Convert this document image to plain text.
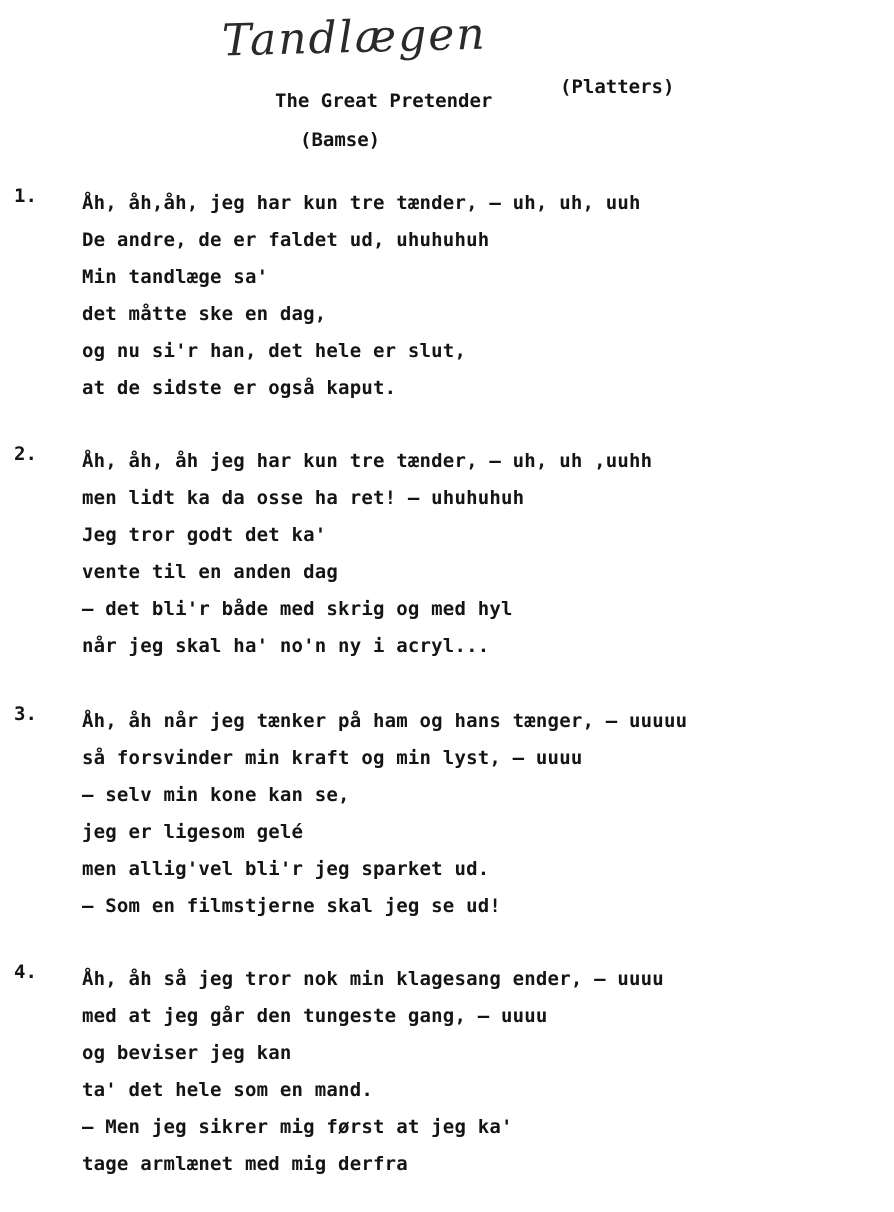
Tandlægen
The Great Pretender
(Platters)
(Bamse)
1. Åh, åh,åh, jeg har kun tre tænder, – uh, uh, uuh
De andre, de er faldet ud, uhuhuhuh
Min tandlæge sa'
det måtte ske en dag,
og nu si'r han, det hele er slut,
at de sidste er også kaput.
2. Åh, åh, åh jeg har kun tre tænder, – uh, uh ,uuhh
men lidt ka da osse ha ret! – uhuhuhuh
Jeg tror godt det ka'
vente til en anden dag
– det bli'r både med skrig og med hyl
når jeg skal ha' no'n ny i acryl...
3. Åh, åh når jeg tænker på ham og hans tænger, – uuuuu
så forsvinder min kraft og min lyst, – uuuu
– selv min kone kan se,
jeg er ligesom gelé
men allig'vel bli'r jeg sparket ud.
– Som en filmstjerne skal jeg se ud!
4. Åh, åh så jeg tror nok min klagesang ender, – uuuu
med at jeg går den tungeste gang, – uuuu
og beviser jeg kan
ta' det hele som en mand.
– Men jeg sikrer mig først at jeg ka'
tage armlænet med mig derfra
